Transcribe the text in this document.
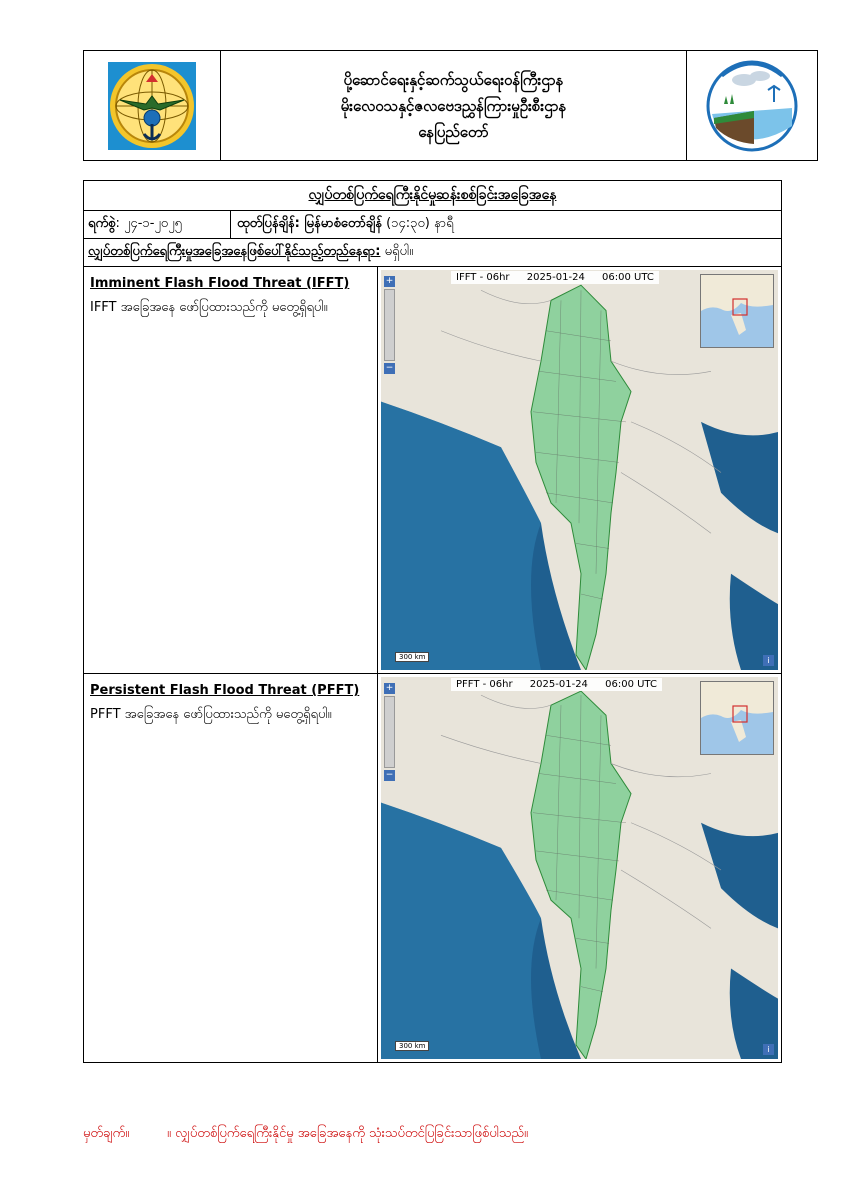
ပို့ဆောင်ရေးနှင့်ဆက်သွယ်ရေးဝန်ကြီးဌာန
မိုးလေဝသနှင့်ဇလဗေဒညွှန်ကြားမှုဦးစီးဌာန
နေပြည်တော်
လျှပ်တစ်ပြက်ရေကြီးနိုင်မှုဆန်းစစ်ခြင်းအခြေအနေ
ရက်စွဲ : ၂၄-၁-၂၀၂၅	ထုတ်ပြန်ချိန်: မြန်မာစံတော်ချိန်
(၁၄:၃၀) နာရီ
လျှပ်တစ်ပြက်ရေကြီးမှုအခြေအနေဖြစ်ပေါ်နိုင်သည့်တည်နေရာ:
မရှိပါ။
Imminent Flash Flood Threat (IFFT)
IFFT အခြေအနေ ဖော်ပြထားသည်ကို မတွေ့ရှိရပါ။
IFFT - 06hr 2025-01-24 06:00 UTC
+
−
300 km	i
Persistent Flash Flood Threat (PFFT)
PFFT အခြေအနေ ဖော်ပြထားသည်ကို မတွေ့ရှိရပါ။
PFFT - 06hr 2025-01-24 06:00 UTC
+
−
300 km	i
မှတ်ချက်။	။ လျှပ်တစ်ပြက်ရေကြီးနိုင်မှု အခြေအနေကို သုံးသပ်တင်ပြခြင်းသာဖြစ်ပါသည်။
